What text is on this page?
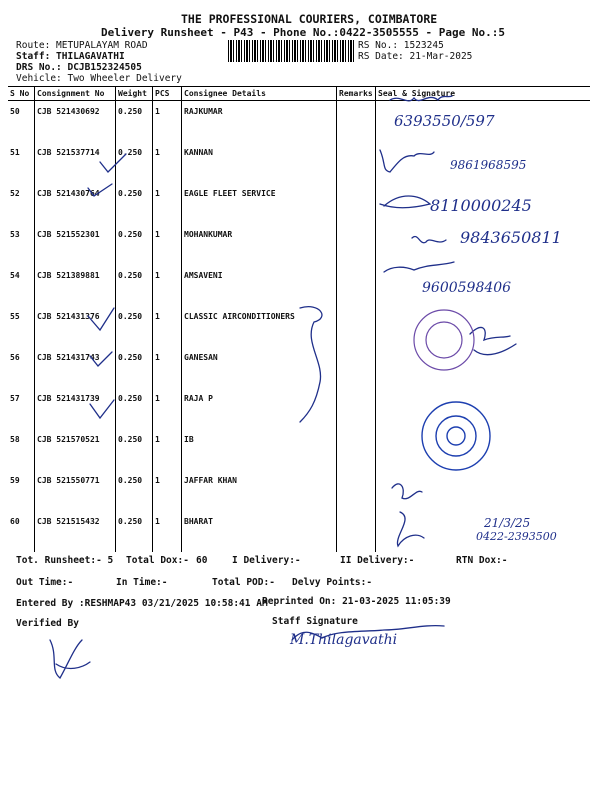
THE PROFESSIONAL COURIERS, COIMBATORE
Delivery Runsheet - P43 - Phone No.:0422-3505555 - Page No.:5
Route: METUPALAYAM ROAD
Staff: THILAGAVATHI
DRS No.: DCJB152324505
Vehicle: Two Wheeler Delivery
RS No.: 1523245
RS Date: 21-Mar-2025
S No	Consignment No	Weight	PCS	Consignee Details	Remarks	Seal & Signature
50	CJB 521430692	0.250	1	RAJKUMAR		
51	CJB 521537714	0.250	1	KANNAN		
52	CJB 521430764	0.250	1	EAGLE FLEET SERVICE		
53	CJB 521552301	0.250	1	MOHANKUMAR		
54	CJB 521389881	0.250	1	AMSAVENI		
55	CJB 521431376	0.250	1	CLASSIC AIRCONDITIONERS		
56	CJB 521431743	0.250	1	GANESAN		
57	CJB 521431739	0.250	1	RAJA P		
58	CJB 521570521	0.250	1	IB		
59	CJB 521550771	0.250	1	JAFFAR KHAN		
60	CJB 521515432	0.250	1	BHARAT		
6393550/597
9861968595
8110000245
9843650811
9600598406
21/3/25
0422-2393500
Tot. Runsheet:- 5 Total Dox:- 60	I Delivery:-	II Delivery:-	RTN Dox:-
Out Time:-	In Time:-	Total POD:- Delvy Points:-
Entered By :RESHMAP43 03/21/2025 10:58:41 AM
Reprinted On: 21-03-2025 11:05:39
Verified By	Staff Signature
M.Thilagavathi
